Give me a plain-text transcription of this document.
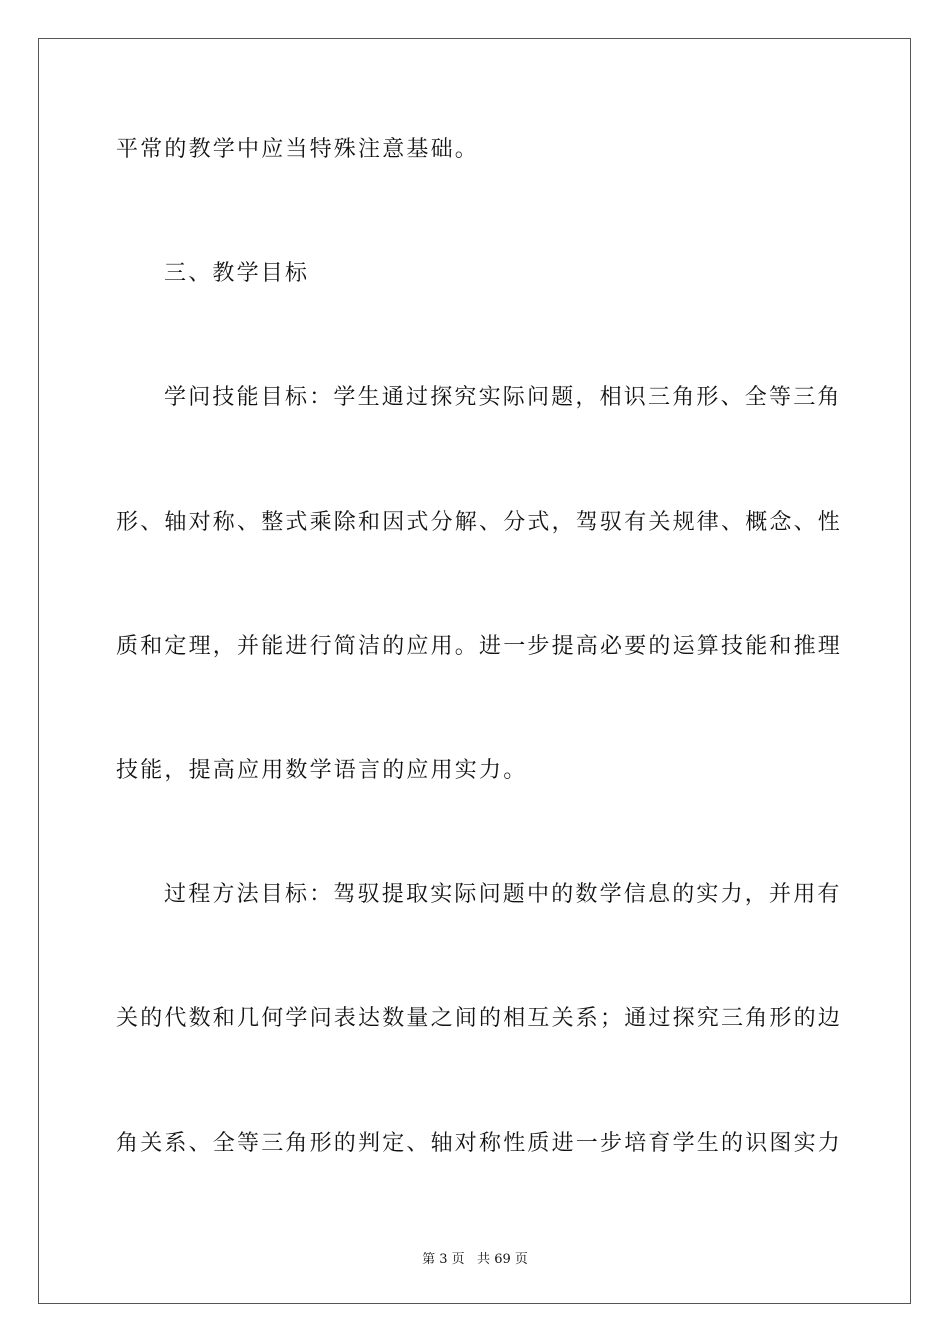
平常的教学中应当特殊注意基础。
三、教学目标
学问技能目标：学生通过探究实际问题，相识三角形、全等三角
形、轴对称、整式乘除和因式分解、分式，驾驭有关规律、概念、性
质和定理，并能进行简洁的应用。进一步提高必要的运算技能和推理
技能，提高应用数学语言的应用实力。
过程方法目标：驾驭提取实际问题中的数学信息的实力，并用有
关的代数和几何学问表达数量之间的相互关系；通过探究三角形的边
角关系、全等三角形的判定、轴对称性质进一步培育学生的识图实力
第 3 页   共 69 页
